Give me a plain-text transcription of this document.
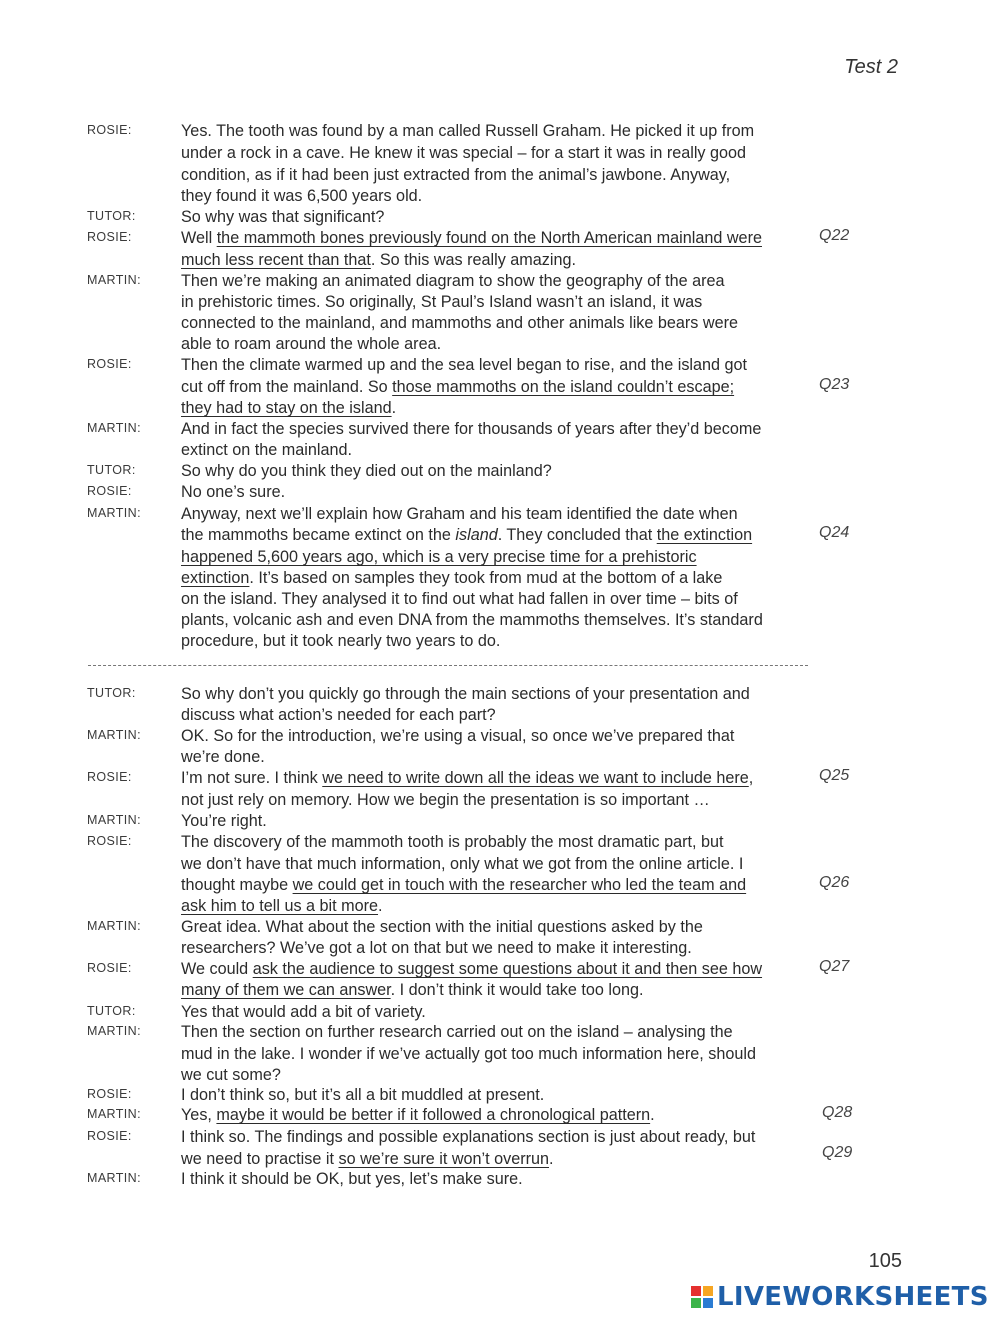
Test 2
ROSIE:	Yes. The tooth was found by a man called Russell Graham. He picked it up from
under a rock in a cave. He knew it was special – for a start it was in really good
condition, as if it had been just extracted from the animal’s jawbone. Anyway,
they found it was 6,500 years old.
TUTOR:	So why was that significant?
ROSIE:	Well the mammoth bones previously found on the North American mainland were	Q22
much less recent than that. So this was really amazing.
MARTIN: Then we’re making an animated diagram to show the geography of the area
in prehistoric times. So originally, St Paul’s Island wasn’t an island, it was
connected to the mainland, and mammoths and other animals like bears were
able to roam around the whole area.
ROSIE:	Then the climate warmed up and the sea level began to rise, and the island got
cut off from the mainland. So those mammoths on the island couldn’t escape;	Q23
they had to stay on the island.
MARTIN: And in fact the species survived there for thousands of years after they’d become
extinct on the mainland.
TUTOR:	So why do you think they died out on the mainland?
ROSIE:	No one’s sure.
MARTIN: Anyway, next we’ll explain how Graham and his team identified the date when
the mammoths became extinct on the island. They concluded that the extinction	Q24
happened 5,600 years ago, which is a very precise time for a prehistoric
extinction. It’s based on samples they took from mud at the bottom of a lake
on the island. They analysed it to find out what had fallen in over time – bits of
plants, volcanic ash and even DNA from the mammoths themselves. It’s standard
procedure, but it took nearly two years to do.
TUTOR:	So why don’t you quickly go through the main sections of your presentation and
discuss what action’s needed for each part?
MARTIN: OK. So for the introduction, we’re using a visual, so once we’ve prepared that
we’re done.
ROSIE:	I’m not sure. I think we need to write down all the ideas we want to include here,	Q25
not just rely on memory. How we begin the presentation is so important …
MARTIN: You’re right.
ROSIE:	The discovery of the mammoth tooth is probably the most dramatic part, but
we don’t have that much information, only what we got from the online article. I
thought maybe we could get in touch with the researcher who led the team and	Q26
ask him to tell us a bit more.
MARTIN: Great idea. What about the section with the initial questions asked by the
researchers? We’ve got a lot on that but we need to make it interesting.
ROSIE:	We could ask the audience to suggest some questions about it and then see how	Q27
many of them we can answer. I don’t think it would take too long.
TUTOR:	Yes that would add a bit of variety.
MARTIN: Then the section on further research carried out on the island – analysing the
mud in the lake. I wonder if we’ve actually got too much information here, should
we cut some?
ROSIE:	I don’t think so, but it’s all a bit muddled at present.
MARTIN: Yes, maybe it would be better if it followed a chronological pattern.	Q28
ROSIE:	I think so. The findings and possible explanations section is just about ready, but
we need to practise it so we’re sure it won’t overrun.	Q29
MARTIN: I think it should be OK, but yes, let’s make sure.
105
LIVEWORKSHEETS
